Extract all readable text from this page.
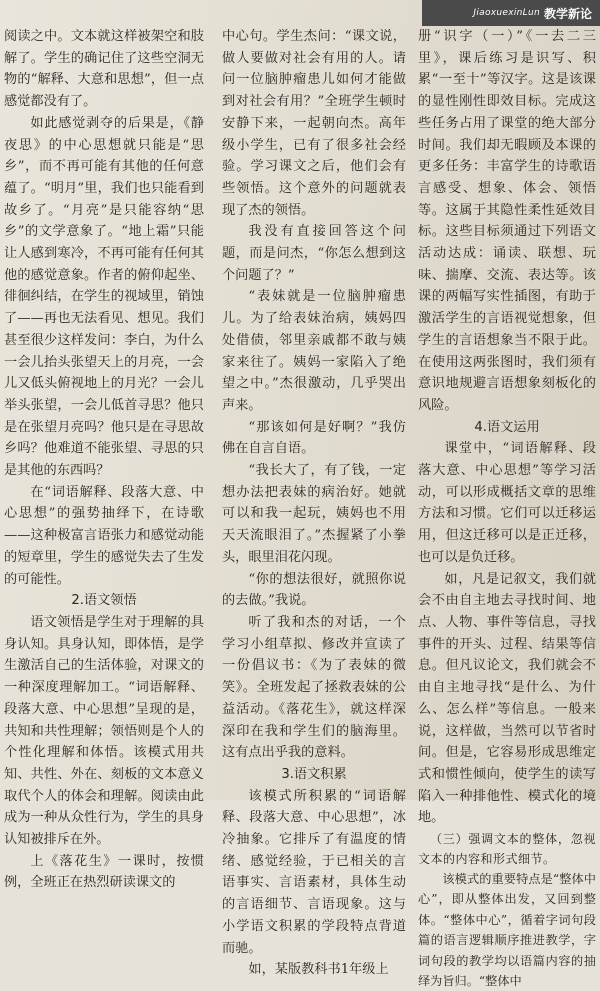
JiaoxuexinLun 教学新论

阅读之中。文本就这样被架空和肢解了。学生的确记住了这些空洞无物的“解释、大意和思想”，但一点感觉都没有了。

如此感觉剥夺的后果是，《静夜思》的中心思想就只能是“思乡”，而不再可能有其他的任何意蕴了。“明月”里，我们也只能看到故乡了。“月亮”是只能容纳“思乡”的文学意象了。“地上霜”只能让人感到寒冷，不再可能有任何其他的感觉意象。作者的俯仰起坐、徘徊纠结，在学生的视域里，销蚀了——再也无法看见、想见。我们甚至很少这样发问：李白，为什么一会儿抬头张望天上的月亮，一会儿又低头俯视地上的月光？一会儿举头张望，一会儿低首寻思？他只是在张望月亮吗？他只是在寻思故乡吗？他难道不能张望、寻思的只是其他的东西吗？

在“词语解释、段落大意、中心思想”的强势抽绎下，在诗歌——这种极富言语张力和感觉动能的短章里，学生的感觉失去了生发的可能性。

2.语文领悟

语文领悟是学生对于理解的具身认知。具身认知，即体悟，是学生激活自己的生活体验，对课文的一种深度理解加工。“词语解释、段落大意、中心思想”呈现的是，共知和共性理解；领悟则是个人的个性化理解和体悟。该模式用共知、共性、外在、刻板的文本意义取代个人的体会和理解。阅读由此成为一种从众性行为，学生的具身认知被排斥在外。

上《落花生》一课时，按惯例，全班正在热烈研读课文的

中心句。学生杰问：“课文说，做人要做对社会有用的人。请问一位脑肿瘤患儿如何才能做到对社会有用？”全班学生顿时安静下来，一起朝向杰。高年级小学生，已有了很多社会经验。学习课文之后，他们会有些领悟。这个意外的问题就表现了杰的领悟。

我没有直接回答这个问题，而是问杰，“你怎么想到这个问题了？”

“表妹就是一位脑肿瘤患儿。为了给表妹治病，姨妈四处借债，邻里亲戚都不敢与姨家来往了。姨妈一家陷入了绝望之中。”杰很激动，几乎哭出声来。

“那该如何是好啊？”我仿佛在自言自语。

“我长大了，有了钱，一定想办法把表妹的病治好。她就可以和我一起玩，姨妈也不用天天流眼泪了。”杰握紧了小拳头，眼里泪花闪现。

“你的想法很好，就照你说的去做。”我说。

听了我和杰的对话，一个学习小组草拟、修改并宣读了一份倡议书：《为了表妹的微笑》。全班发起了拯救表妹的公益活动。《落花生》，就这样深深印在我和学生们的脑海里。这有点出乎我的意料。

3.语文积累

该模式所积累的“词语解释、段落大意、中心思想”，冰冷抽象。它排斥了有温度的情绪、感觉经验，于已相关的言语事实、言语素材，具体生动的言语细节、言语现象。这与小学语文积累的学段特点背道而驰。

如，某版教科书1年级上

册“识字（一）”《一去二三里》，课后练习是识写、积累“一至十”等汉字。这是该课的显性刚性即效目标。完成这些任务占用了课堂的绝大部分时间。我们却无暇顾及本课的更多任务：丰富学生的诗歌语言感受、想象、体会、领悟等。这属于其隐性柔性延效目标。这些目标须通过下列语文活动达成：诵读、联想、玩味、揣摩、交流、表达等。该课的两幅写实性插图，有助于激活学生的言语视觉想象，但学生的言语想象当不限于此。在使用这两张图时，我们须有意识地规避言语想象刻板化的风险。

4.语文运用

课堂中，“词语解释、段落大意、中心思想”等学习活动，可以形成概括文章的思维方法和习惯。它们可以迁移运用，但这迁移可以是正迁移，也可以是负迁移。

如，凡是记叙文，我们就会不由自主地去寻找时间、地点、人物、事件等信息，寻找事件的开头、过程、结果等信息。但凡议论文，我们就会不由自主地寻找“是什么、为什么、怎么样”等信息。一般来说，这样做，当然可以节省时间。但是，它容易形成思维定式和惯性倾向，使学生的读写陷入一种排他性、模式化的境地。

（三）强调文本的整体，忽视文本的内容和形式细节。

该模式的重要特点是“整体中心”，即从整体出发，又回到整体。“整体中心”，循着字词句段篇的语言逻辑顺序推进教学，字词句段的教学均以语篇内容的抽绎为旨归。“整体中
